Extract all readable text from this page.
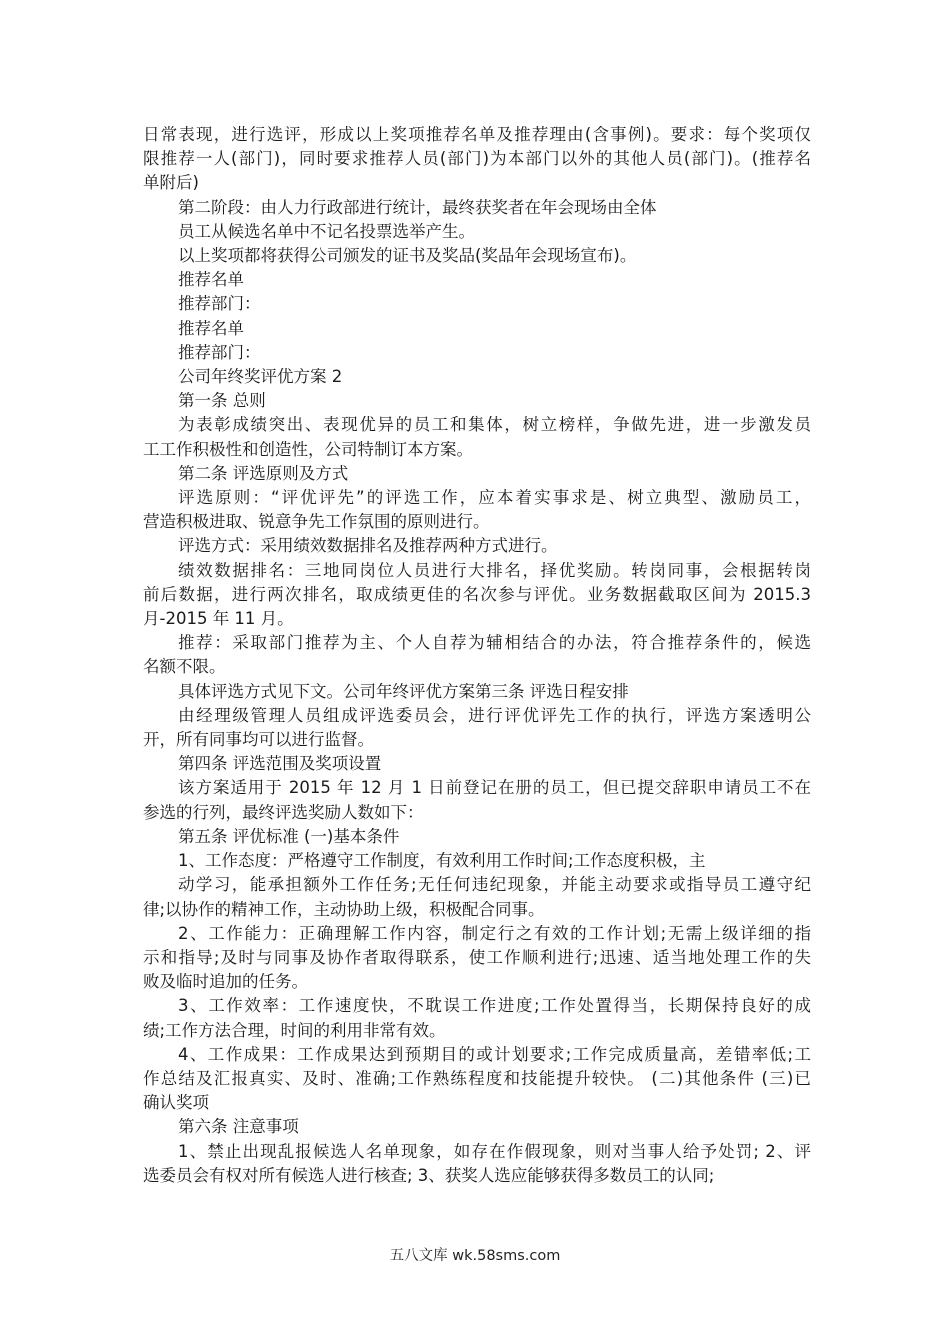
日常表现，进行选评，形成以上奖项推荐名单及推荐理由(含事例)。要求：每个奖项仅
限推荐一人(部门)，同时要求推荐人员(部门)为本部门以外的其他人员(部门)。(推荐名
单附后)
第二阶段：由人力行政部进行统计，最终获奖者在年会现场由全体
员工从候选名单中不记名投票选举产生。
以上奖项都将获得公司颁发的证书及奖品(奖品年会现场宣布)。
推荐名单
推荐部门：
推荐名单
推荐部门：
公司年终奖评优方案 2
第一条 总则
为表彰成绩突出、表现优异的员工和集体，树立榜样，争做先进，进一步激发员
工工作积极性和创造性，公司特制订本方案。
第二条 评选原则及方式
评选原则：“评优评先”的评选工作，应本着实事求是、树立典型、激励员工，
营造积极进取、锐意争先工作氛围的原则进行。
评选方式：采用绩效数据排名及推荐两种方式进行。
绩效数据排名：三地同岗位人员进行大排名，择优奖励。转岗同事，会根据转岗
前后数据，进行两次排名，取成绩更佳的名次参与评优。业务数据截取区间为 2015.3
月-2015 年 11 月。
推荐：采取部门推荐为主、个人自荐为辅相结合的办法，符合推荐条件的，候选
名额不限。
具体评选方式见下文。公司年终评优方案第三条 评选日程安排
由经理级管理人员组成评选委员会，进行评优评先工作的执行，评选方案透明公
开，所有同事均可以进行监督。
第四条 评选范围及奖项设置
该方案适用于 2015 年 12 月 1 日前登记在册的员工，但已提交辞职申请员工不在
参选的行列，最终评选奖励人数如下：
第五条 评优标准 (一)基本条件
1、工作态度：严格遵守工作制度，有效利用工作时间;工作态度积极，主
动学习，能承担额外工作任务;无任何违纪现象，并能主动要求或指导员工遵守纪
律;以协作的精神工作，主动协助上级，积极配合同事。
2、工作能力：正确理解工作内容，制定行之有效的工作计划;无需上级详细的指
示和指导;及时与同事及协作者取得联系，使工作顺利进行;迅速、适当地处理工作的失
败及临时追加的任务。
3、工作效率：工作速度快，不耽误工作进度;工作处置得当，长期保持良好的成
绩;工作方法合理，时间的利用非常有效。
4、工作成果：工作成果达到预期目的或计划要求;工作完成质量高，差错率低;工
作总结及汇报真实、及时、准确;工作熟练程度和技能提升较快。 (二)其他条件 (三)已
确认奖项
第六条 注意事项
1、禁止出现乱报候选人名单现象，如存在作假现象，则对当事人给予处罚; 2、评
选委员会有权对所有候选人进行核查; 3、获奖人选应能够获得多数员工的认同;
五八文库 wk.58sms.com
